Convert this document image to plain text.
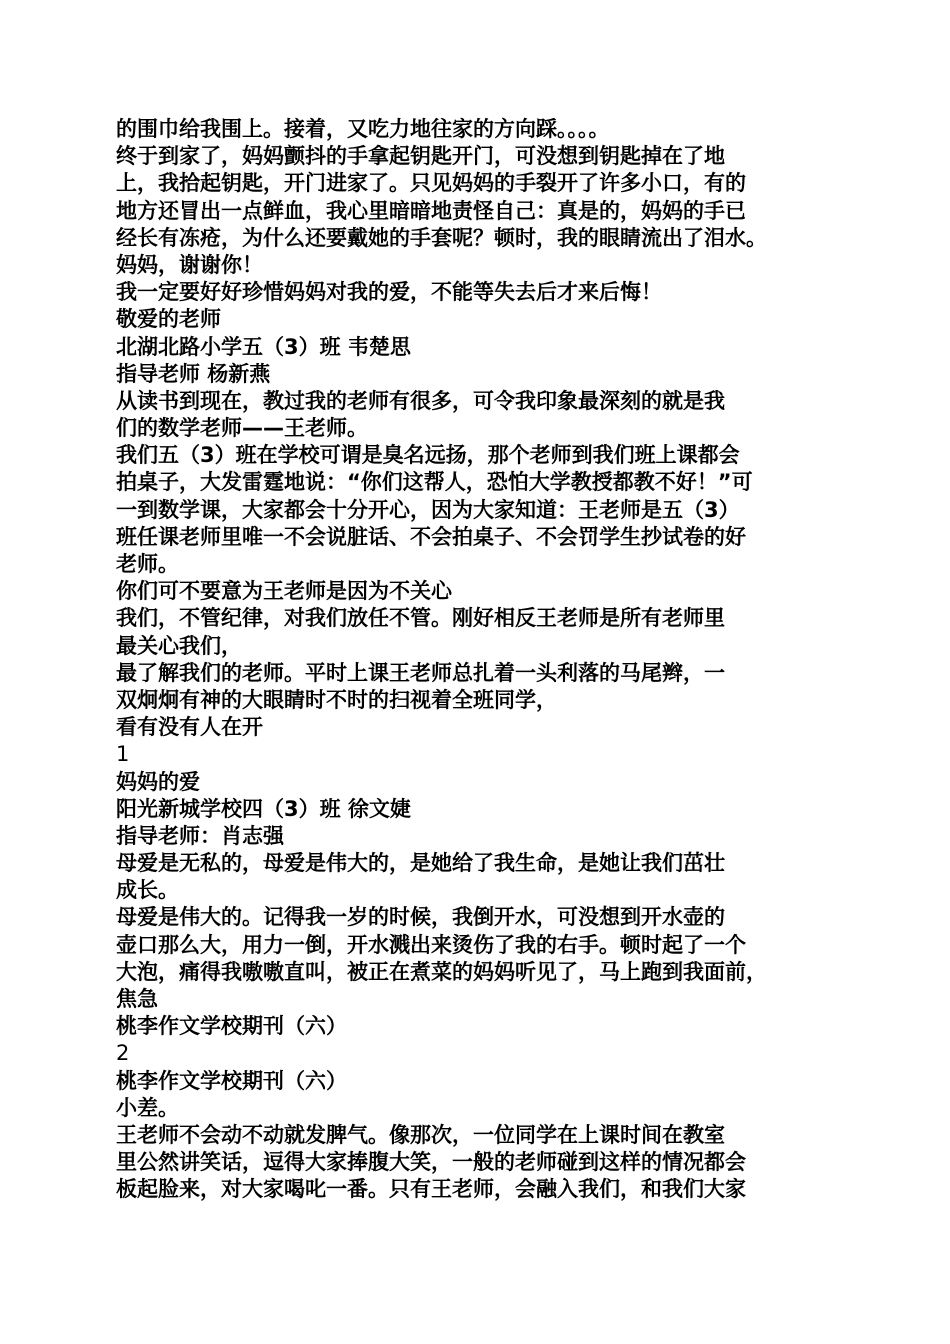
的围巾给我围上。接着，又吃力地往家的方向踩。。。。
终于到家了，妈妈颤抖的手拿起钥匙开门，可没想到钥匙掉在了地
上，我拾起钥匙，开门进家了。只见妈妈的手裂开了许多小口，有的
地方还冒出一点鲜血，我心里暗暗地责怪自己：真是的，妈妈的手已
经长有冻疮，为什么还要戴她的手套呢？顿时，我的眼睛流出了泪水。
妈妈，谢谢你！
我一定要好好珍惜妈妈对我的爱，不能等失去后才来后悔！
敬爱的老师
北湖北路小学五（3）班 韦楚思
指导老师 杨新燕
从读书到现在，教过我的老师有很多，可令我印象最深刻的就是我
们的数学老师——王老师。
我们五（3）班在学校可谓是臭名远扬，那个老师到我们班上课都会
拍桌子，大发雷霆地说：“你们这帮人，恐怕大学教授都教不好！”可
一到数学课，大家都会十分开心，因为大家知道：王老师是五（3）
班任课老师里唯一不会说脏话、不会拍桌子、不会罚学生抄试卷的好
老师。
你们可不要意为王老师是因为不关心
我们，不管纪律，对我们放任不管。刚好相反王老师是所有老师里
最关心我们，
最了解我们的老师。平时上课王老师总扎着一头利落的马尾辫，一
双炯炯有神的大眼睛时不时的扫视着全班同学，
看有没有人在开
1
妈妈的爱
阳光新城学校四（3）班 徐文婕
指导老师：肖志强
母爱是无私的，母爱是伟大的，是她给了我生命，是她让我们茁壮
成长。
母爱是伟大的。记得我一岁的时候，我倒开水，可没想到开水壶的
壶口那么大，用力一倒，开水溅出来烫伤了我的右手。顿时起了一个
大泡，痛得我嗷嗷直叫，被正在煮菜的妈妈听见了，马上跑到我面前，
焦急
桃李作文学校期刊（六）
2
桃李作文学校期刊（六）
小差。
王老师不会动不动就发脾气。像那次，一位同学在上课时间在教室
里公然讲笑话，逗得大家捧腹大笑，一般的老师碰到这样的情况都会
板起脸来，对大家喝叱一番。只有王老师，会融入我们，和我们大家
